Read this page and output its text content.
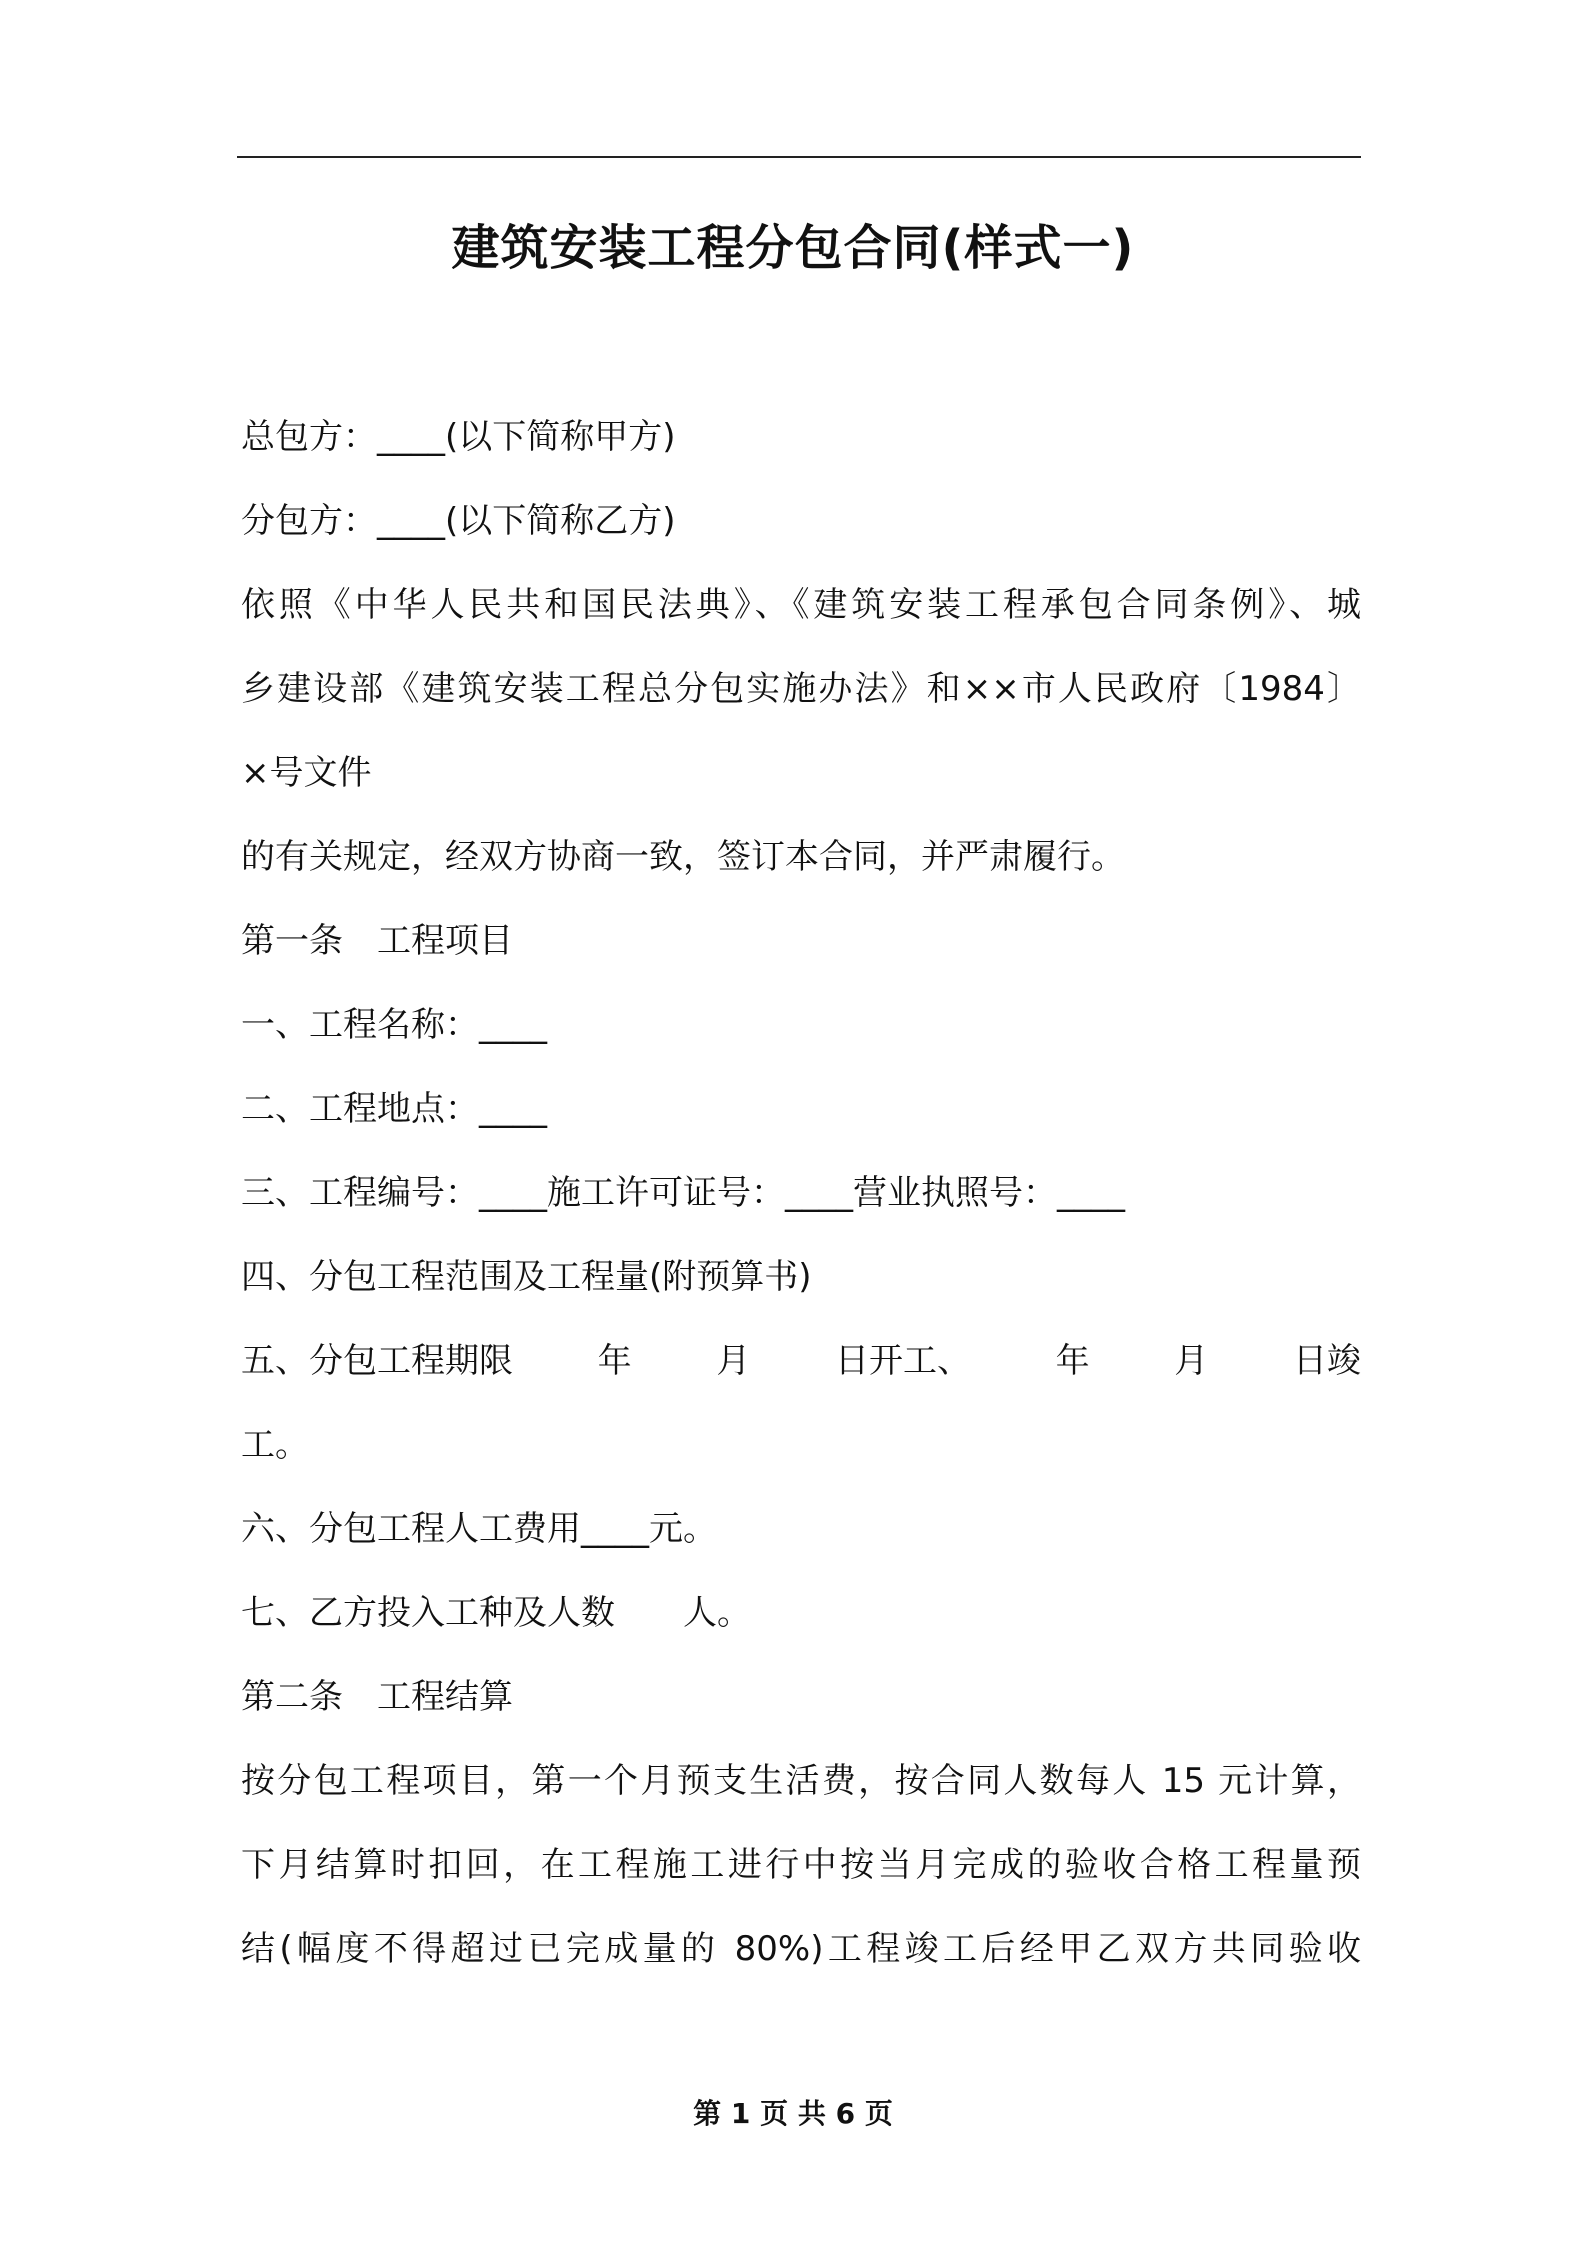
建筑安装工程分包合同(样式一)
总包方：____(以下简称甲方)
分包方：____(以下简称乙方)
依照《中华人民共和国民法典》、《建筑安装工程承包合同条例》、城
乡建设部《建筑安装工程总分包实施办法》和××市人民政府〔1984〕
×号文件
的有关规定，经双方协商一致，签订本合同，并严肃履行。
第一条　工程项目
一、工程名称：____
二、工程地点：____
三、工程编号：____施工许可证号：____营业执照号：____
四、分包工程范围及工程量(附预算书)
五、分包工程期限 年 月 日开工、 年 月 日竣
工。
六、分包工程人工费用____元。
七、乙方投入工种及人数　　人。
第二条　工程结算
按分包工程项目，第一个月预支生活费，按合同人数每人 15 元计算，
下月结算时扣回，在工程施工进行中按当月完成的验收合格工程量预
结(幅度不得超过已完成量的 80%)工程竣工后经甲乙双方共同验收
第 1 页 共 6 页
